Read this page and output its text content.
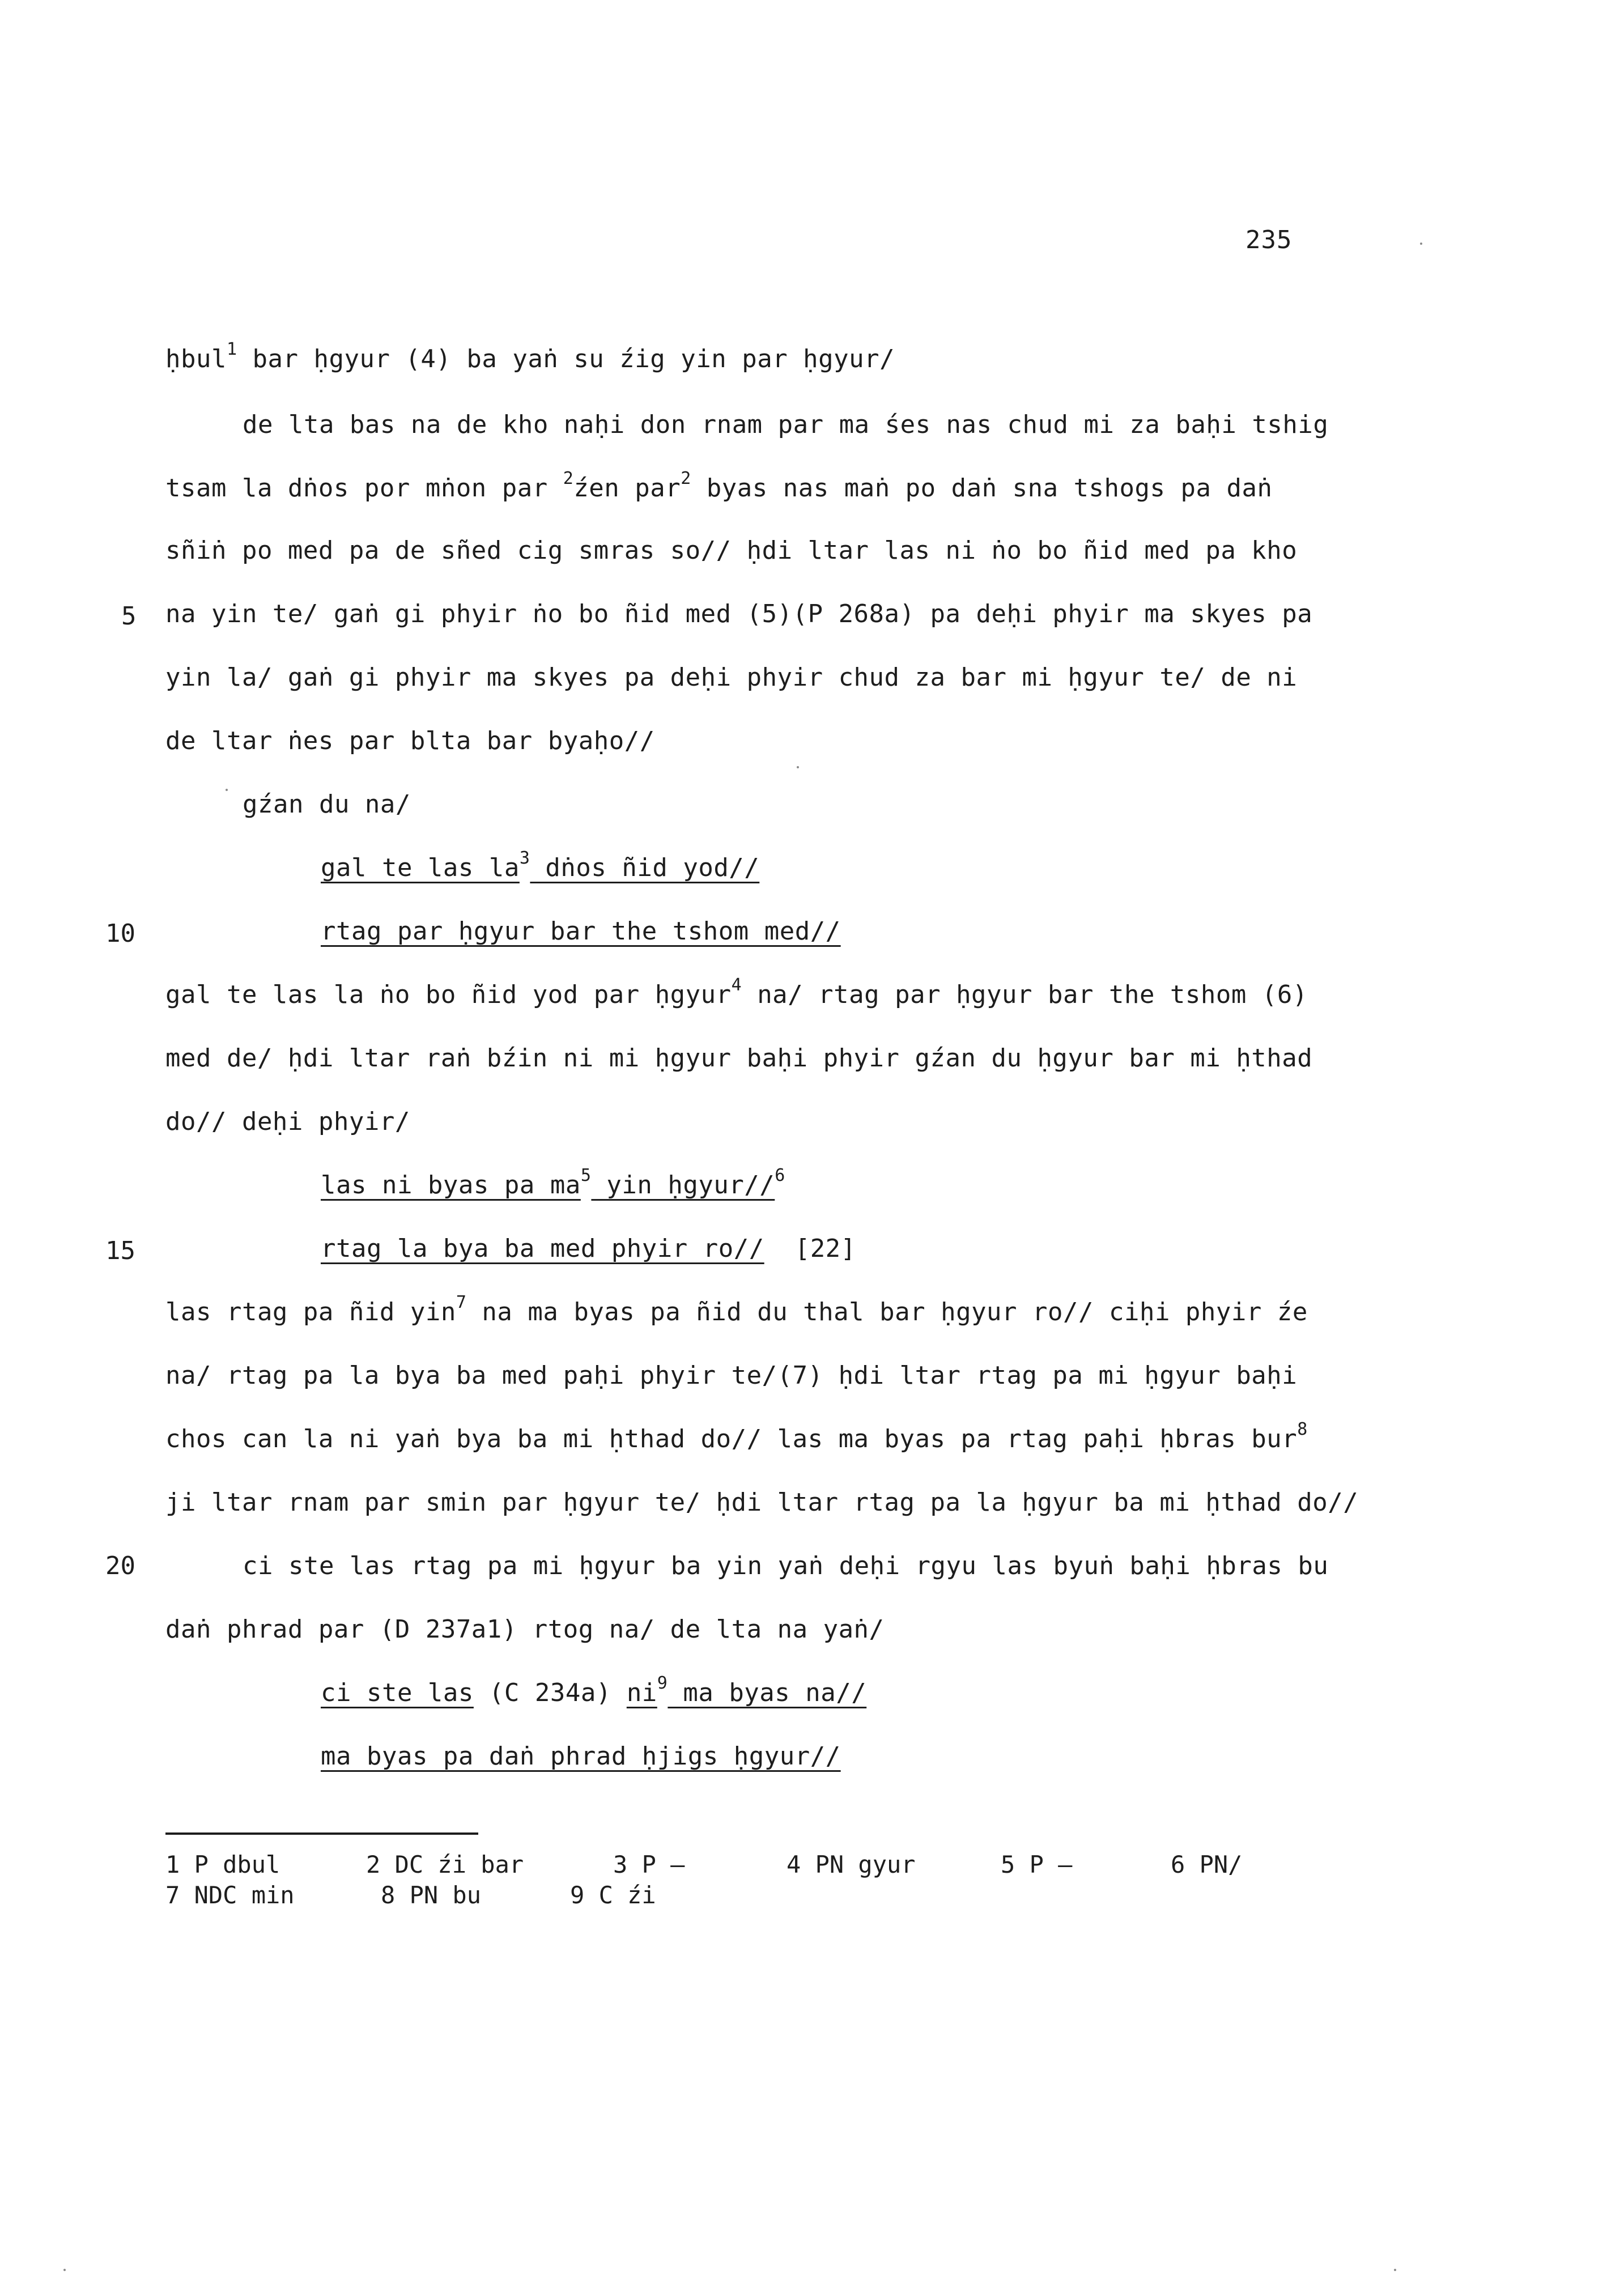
235
ḥbul$^1$ bar ḥgyur (4) ba yaṅ su źig yin par ḥgyur/
de lta bas na de kho naḥi don rnam par ma śes nas chud mi za baḥi tshig
tsam la dṅos por mṅon par $^2$źen par$^2$ byas nas maṅ po daṅ sna tshogs pa daṅ
sñiṅ po med pa de sñed cig smras so// ḥdi ltar las ni ṅo bo ñid med pa kho
na yin te/ gaṅ gi phyir ṅo bo ñid med (5)(P 268a) pa deḥi phyir ma skyes pa
yin la/ gaṅ gi phyir ma skyes pa deḥi phyir chud za bar mi ḥgyur te/ de ni
de ltar ṅes par blta bar byaḥo//
gźan du na/
gal te las $la^3$ dṅos ñid yod//
rtag par ḥgyur bar the tshom med//
gal te las la ṅo bo ñid yod par ḥgyur$^4$ na/ rtag par ḥgyur bar the tshom (6)
med de/ ḥdi ltar raṅ bźin ni mi ḥgyur baḥi phyir gźan du ḥgyur bar mi ḥthad
do// deḥi phyir/
las ni byas pa $ma^5$ yin ḥgyur//$^6$
rtag la bya ba med phyir ro//  [22]
las rtag pa ñid yin$^7$ na ma byas pa ñid du thal bar ḥgyur ro// ciḥi phyir źe
na/ rtag pa la bya ba med paḥi phyir te/(7) ḥdi ltar rtag pa mi ḥgyur baḥi
chos can la ni yaṅ bya ba mi ḥthad do// las ma byas pa rtag paḥi ḥbras bur$^8$
ji ltar rnam par smin par ḥgyur te/ ḥdi ltar rtag pa la ḥgyur ba mi ḥthad do//
ci ste las rtag pa mi ḥgyur ba yin yaṅ deḥi rgyu las byuṅ baḥi ḥbras bu
daṅ phrad par (D 237a1) rtog na/ de lta na yaṅ/
ci ste las (C 234a) $ni^9$ ma byas na//
ma byas pa daṅ phrad ḥjigs ḥgyur//
5
10
15
20
1 P dbul	2 DC źi bar	3 P —	4 PN gyur	5 P —	6 PN/
7 NDC min	8 PN bu	9 C źi
